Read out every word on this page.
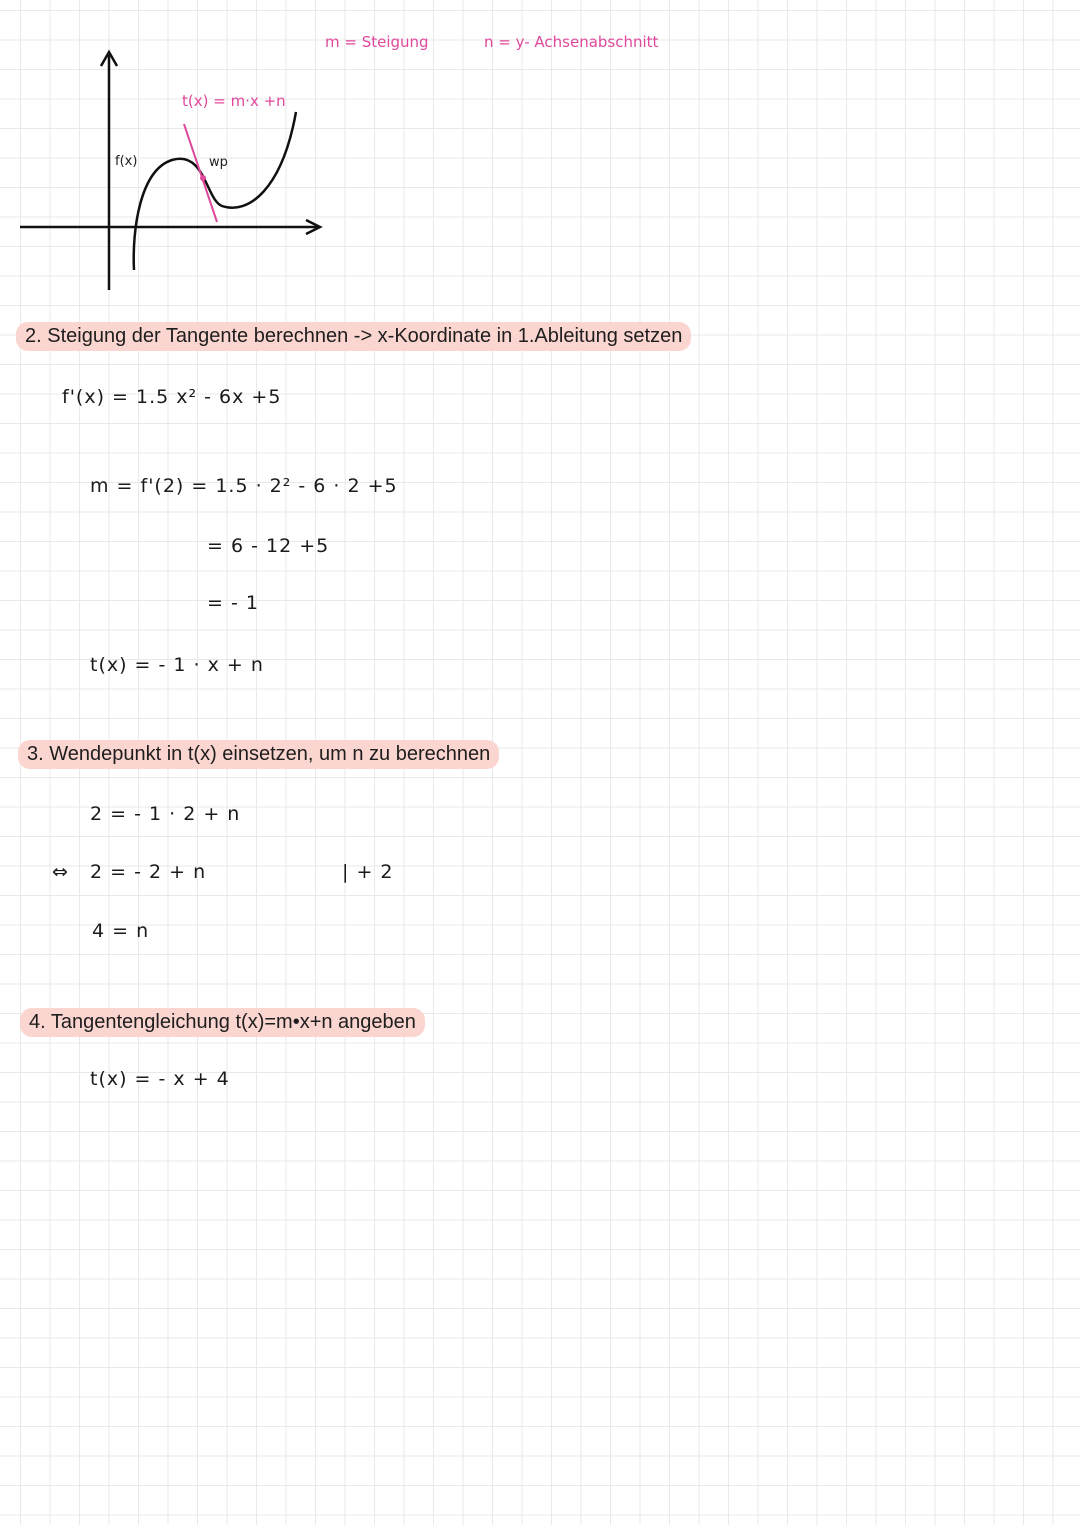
m = Steigung	n = y- Achsenabschnitt
t(x) = m·x +n
f(x)	wp
2. Steigung der Tangente berechnen -> x-Koordinate in 1.Ableitung setzen
f'(x) = 1.5 x² - 6x +5
m = f'(2) = 1.5 · 2² - 6 · 2 +5
= 6 - 12 +5
= - 1
t(x) = - 1 · x + n
3. Wendepunkt in t(x) einsetzen, um n zu berechnen
2 = - 1 · 2 + n
⇔ 2 = - 2 + n	| + 2
4 = n
4. Tangentengleichung t(x)=m•x+n angeben
t(x) = - x + 4
